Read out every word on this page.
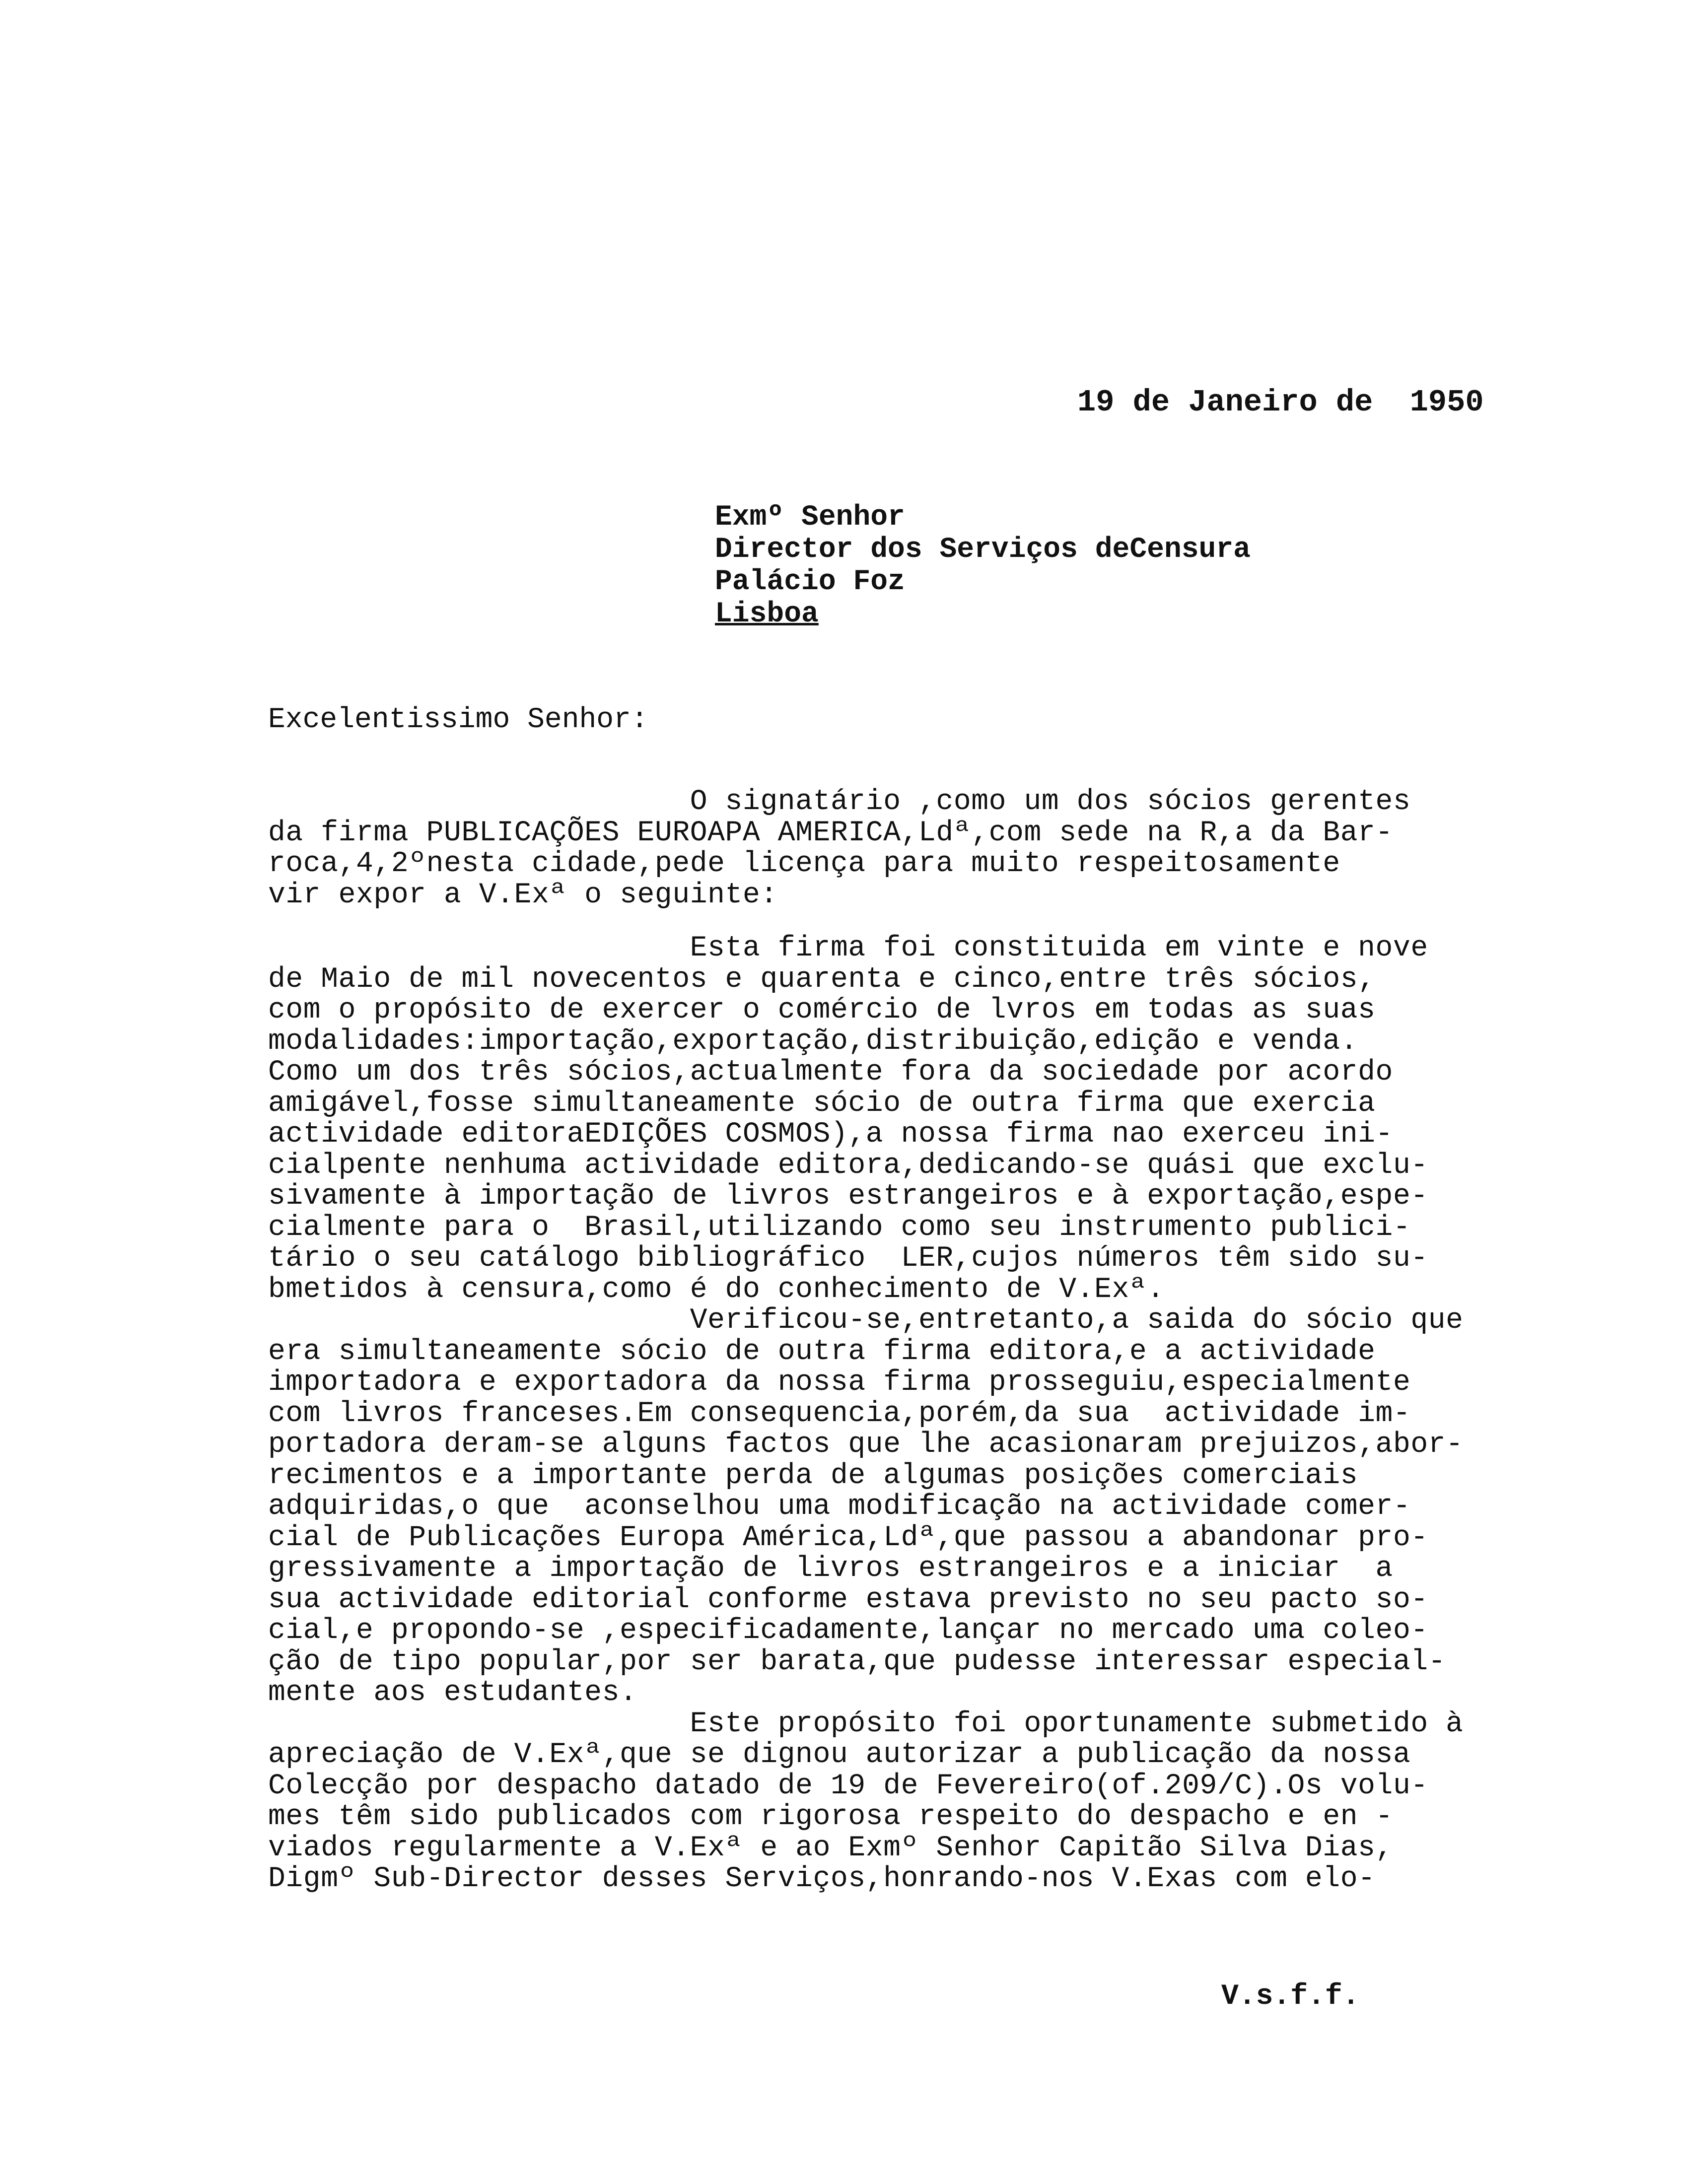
19 de Janeiro de  1950
Exmº Senhor
Director dos Serviços deCensura
Palácio Foz
Lisboa
Excelentissimo Senhor:
O signatário ,como um dos sócios gerentes
da firma PUBLICAÇÕES EUROAPA AMERICA,Ldª,com sede na R,a da Bar-
roca,4,2ºnesta cidade,pede licença para muito respeitosamente
vir expor a V.Exª o seguinte:
Esta firma foi constituida em vinte e nove
de Maio de mil novecentos e quarenta e cinco,entre três sócios,
com o propósito de exercer o comércio de lvros em todas as suas
modalidades:importação,exportação,distribuição,edição e venda.
Como um dos três sócios,actualmente fora da sociedade por acordo
amigável,fosse simultaneamente sócio de outra firma que exercia
actividade editoraEDIÇÕES COSMOS),a nossa firma nao exerceu ini-
cialpente nenhuma actividade editora,dedicando-se quási que exclu-
sivamente à importação de livros estrangeiros e à exportação,espe-
cialmente para o  Brasil,utilizando como seu instrumento publici-
tário o seu catálogo bibliográfico  LER,cujos números têm sido su-
bmetidos à censura,como é do conhecimento de V.Exª.
Verificou-se,entretanto,a saida do sócio que
era simultaneamente sócio de outra firma editora,e a actividade
importadora e exportadora da nossa firma prosseguiu,especialmente
com livros franceses.Em consequencia,porém,da sua  actividade im-
portadora deram-se alguns factos que lhe acasionaram prejuizos,abor-
recimentos e a importante perda de algumas posições comerciais
adquiridas,o que  aconselhou uma modificação na actividade comer-
cial de Publicações Europa América,Ldª,que passou a abandonar pro-
gressivamente a importação de livros estrangeiros e a iniciar  a
sua actividade editorial conforme estava previsto no seu pacto so-
cial,e propondo-se ,especificadamente,lançar no mercado uma coleo-
ção de tipo popular,por ser barata,que pudesse interessar especial-
mente aos estudantes.
Este propósito foi oportunamente submetido à
apreciação de V.Exª,que se dignou autorizar a publicação da nossa
Colecção por despacho datado de 19 de Fevereiro(of.209/C).Os volu-
mes têm sido publicados com rigorosa respeito do despacho e en -
viados regularmente a V.Exª e ao Exmº Senhor Capitão Silva Dias,
Digmº Sub-Director desses Serviços,honrando-nos V.Exas com elo-
V.s.f.f.
